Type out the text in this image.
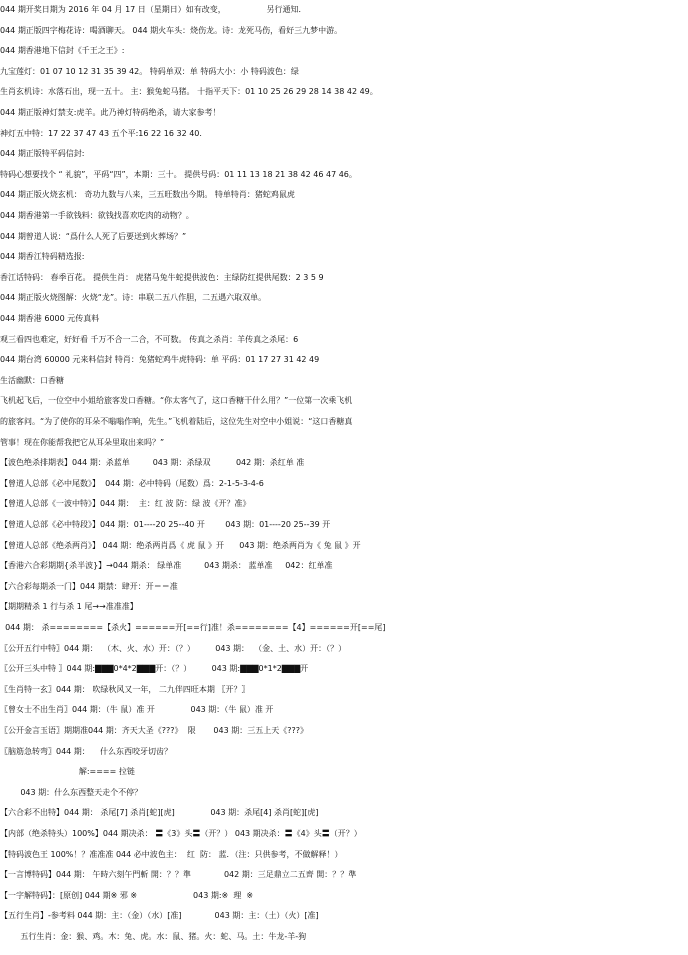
044 期开奖日期为 2016 年 04 月 17 日（星期日）如有改变，                另行通知．
044 期正版四字梅花诗：喝酒聊天。 044 期火车头：烧伤龙。诗：龙死马伤，看好三九梦中游。
044 期香港地下信封《千王之王》:
九宝莲灯：01 07 10 12 31 35 39 42。 特码单双：单 特码大小：小 特码波色：绿
生肖玄机诗：水落石出，现一五十。 主：猴兔蛇马猪。 十指平天下：01 10 25 26 29 28 14 38 42 49。
044 期正版神灯禁支:虎羊。此乃神灯特码绝杀，请大家参考！
神灯五中特：17 22 37 47 43 五个平:16 22 16 32 40.
044 期正版特平码信封:
特码心想要找个 “ 礼貌”，平码“四”，本期：三十。 提供号码：01 11 13 18 21 38 42 46 47 46。
044 期正版火烧玄机： 奇功九数与八来，三五旺数出今期。 特单特肖：猪蛇鸡鼠虎
044 期香港第一手欲钱料：欲钱找喜欢吃肉的动物？。
044 期曾道人说：“爲什么人死了后要送到火葬场？”
044 期香江特码精选报:
香江话特码： 春季百花。 提供生肖： 虎猪马兔牛蛇提供波色：主绿防红提供尾数：2 3 5 9
044 期正版火烧图解：火烧“龙”。诗：串联二五八作胆，二五遇六取双单。
044 期香港 6000 元传真料
观三看四也难定，好好看 千万不合一二合，不可数。 传真之杀肖：羊传真之杀尾：6
044 期台湾 60000 元来料信封 特肖：兔猪蛇鸡牛虎特码：单 平码：01 17 27 31 42 49
生活幽默：口香糖
飞机起飞后，一位空中小姐给旅客发口香糖。“你太客气了，这口香糖干什么用？”一位第一次乘飞机
的旅客问。“为了使你的耳朵不嗡嗡作响，先生。”飞机着陆后，这位先生对空中小姐说：“这口香糖真
管事！现在你能帮我把它从耳朵里取出来吗？”
【波色绝杀排期表】044 期：杀蓝单         043 期：杀绿双          042 期：杀红单 准
【曾道人总部《必中尾数》】  044 期：必中特码（尾数）爲：2-1-5-3-4-6
【曾道人总部《一波中特》】044 期：  主：红 波 防：绿 波《开？准》
【曾道人总部《必中特段》】044 期：01----20 25--40 开        043 期：01----20 25--39 开
【曾道人总部《绝杀两肖》】 044 期：绝杀两肖爲《 虎 鼠 》开      043 期：绝杀两肖为《 兔 鼠 》开
【香港六合彩期期{杀半波}】→044 期杀： 绿单准         043 期杀： 蓝单准     042：红单准
【六合彩每期杀一门】044 期禁：肆开：开＝＝准
【期期精杀 1 行与杀 1 尾→→准准准】
044 期： 杀========【杀火】======开[==行]准！杀========【4】======开[==尾]
〖公开五行中特〗044 期：  （木、火、水）开：（？）        043 期：  （金、土、水）开：（？）
〖公开三头中特 〗044 期:▇▇▇0*4*2▇▇▇开：（？）        043 期:▇▇▇0*1*2▇▇▇开
〖生肖特一玄〗044 期： 吹绿秋风又一年， 二九伴四旺本期 〖开？〗
〖曾女士不出生肖〗044 期：（牛 鼠）准 开              043 期：（牛 鼠）准 开
〖公开金言玉语〗期期准044 期：齐天大圣《???》  限       043 期：三五上天《???》
〖脑筋急转弯〗044 期：    什么东西咬牙切齿？
解:==== 拉链
043 期：什么东西整天走个不停？
【六合彩不出特】044 期： 杀尾[7] 杀肖[蛇][虎]              043 期：杀尾[4] 杀肖[蛇][虎]
【内部（绝杀特头）100%】044 期决杀： 〓《3》头〓（开？） 043 期决杀：〓《4》头〓（开？）
【特码波色王 100%！？准准准 044 必中波色主：  红  防： 蓝．（注：只供参考，不做解释！）
【一言博特码】044 期： 午時六刻午門斬 開：？？準             042 期：三足鼎立二五齊 開：？？準
【一字解特码】：[原创] 044 期※ 邪 ※                      043 期:※  理  ※
【五行生肖】-参考料 044 期：主：（金）（水）[准]             043 期：主：（土）（火）[准]
五行生肖：金：猴、鸡。木：兔、虎。水：鼠、猪。火：蛇、马。土：牛龙-羊-狗
